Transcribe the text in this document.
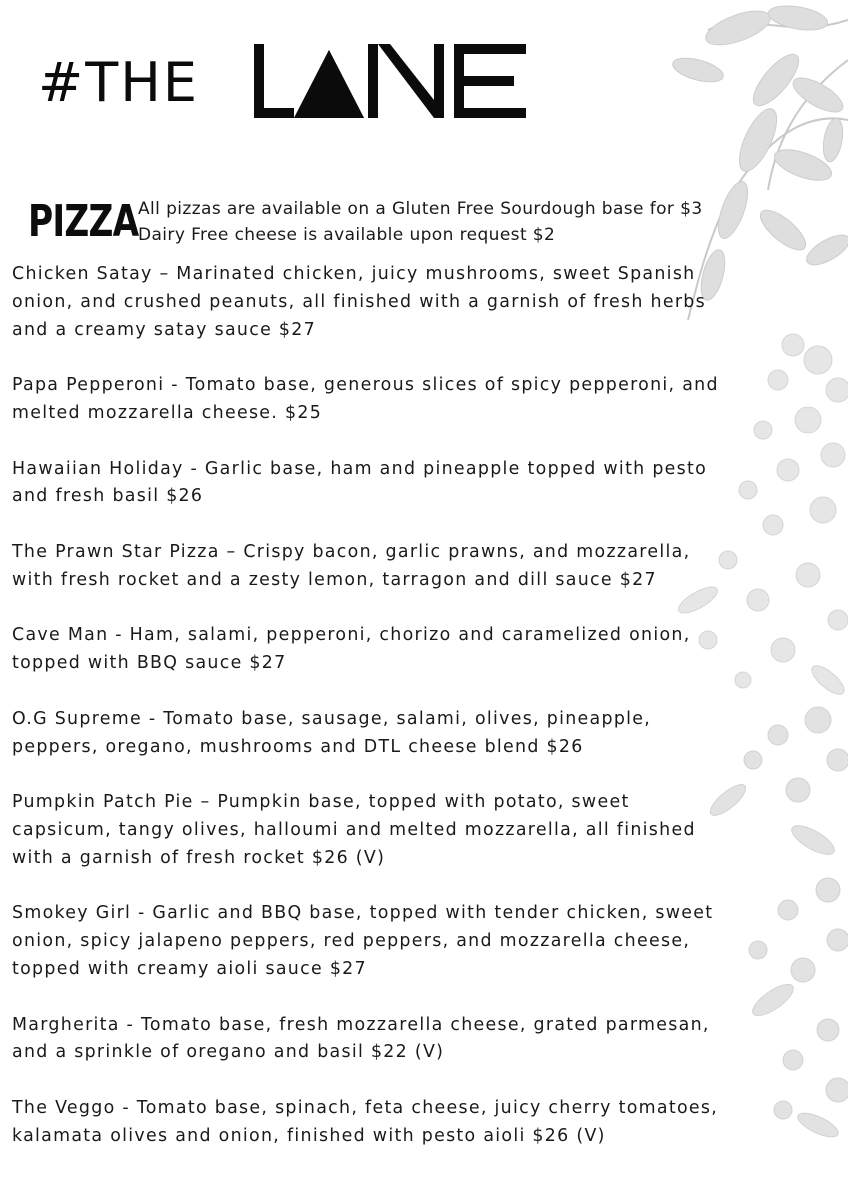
#THE
PIZZA All pizzas are available on a Gluten Free Sourdough base for $3
Dairy Free cheese is available upon request $2
Chicken Satay – Marinated chicken, juicy mushrooms, sweet Spanish
onion, and crushed peanuts, all finished with a garnish of fresh herbs
and a creamy satay sauce $27
Papa Pepperoni - Tomato base, generous slices of spicy pepperoni, and
melted mozzarella cheese. $25
Hawaiian Holiday - Garlic base, ham and pineapple topped with pesto
and fresh basil $26
The Prawn Star Pizza – Crispy bacon, garlic prawns, and mozzarella,
with fresh rocket and a zesty lemon, tarragon and dill sauce $27
Cave Man - Ham, salami, pepperoni, chorizo and caramelized onion,
topped with BBQ sauce $27
O.G Supreme - Tomato base, sausage, salami, olives, pineapple,
peppers, oregano, mushrooms and DTL cheese blend $26
Pumpkin Patch Pie – Pumpkin base, topped with potato, sweet
capsicum, tangy olives, halloumi and melted mozzarella, all finished
with a garnish of fresh rocket $26 (V)
Smokey Girl - Garlic and BBQ base, topped with tender chicken, sweet
onion, spicy jalapeno peppers, red peppers, and mozzarella cheese,
topped with creamy aioli sauce $27
Margherita - Tomato base, fresh mozzarella cheese, grated parmesan,
and a sprinkle of oregano and basil $22 (V)
The Veggo - Tomato base, spinach, feta cheese, juicy cherry tomatoes,
kalamata olives and onion, finished with pesto aioli $26 (V)
